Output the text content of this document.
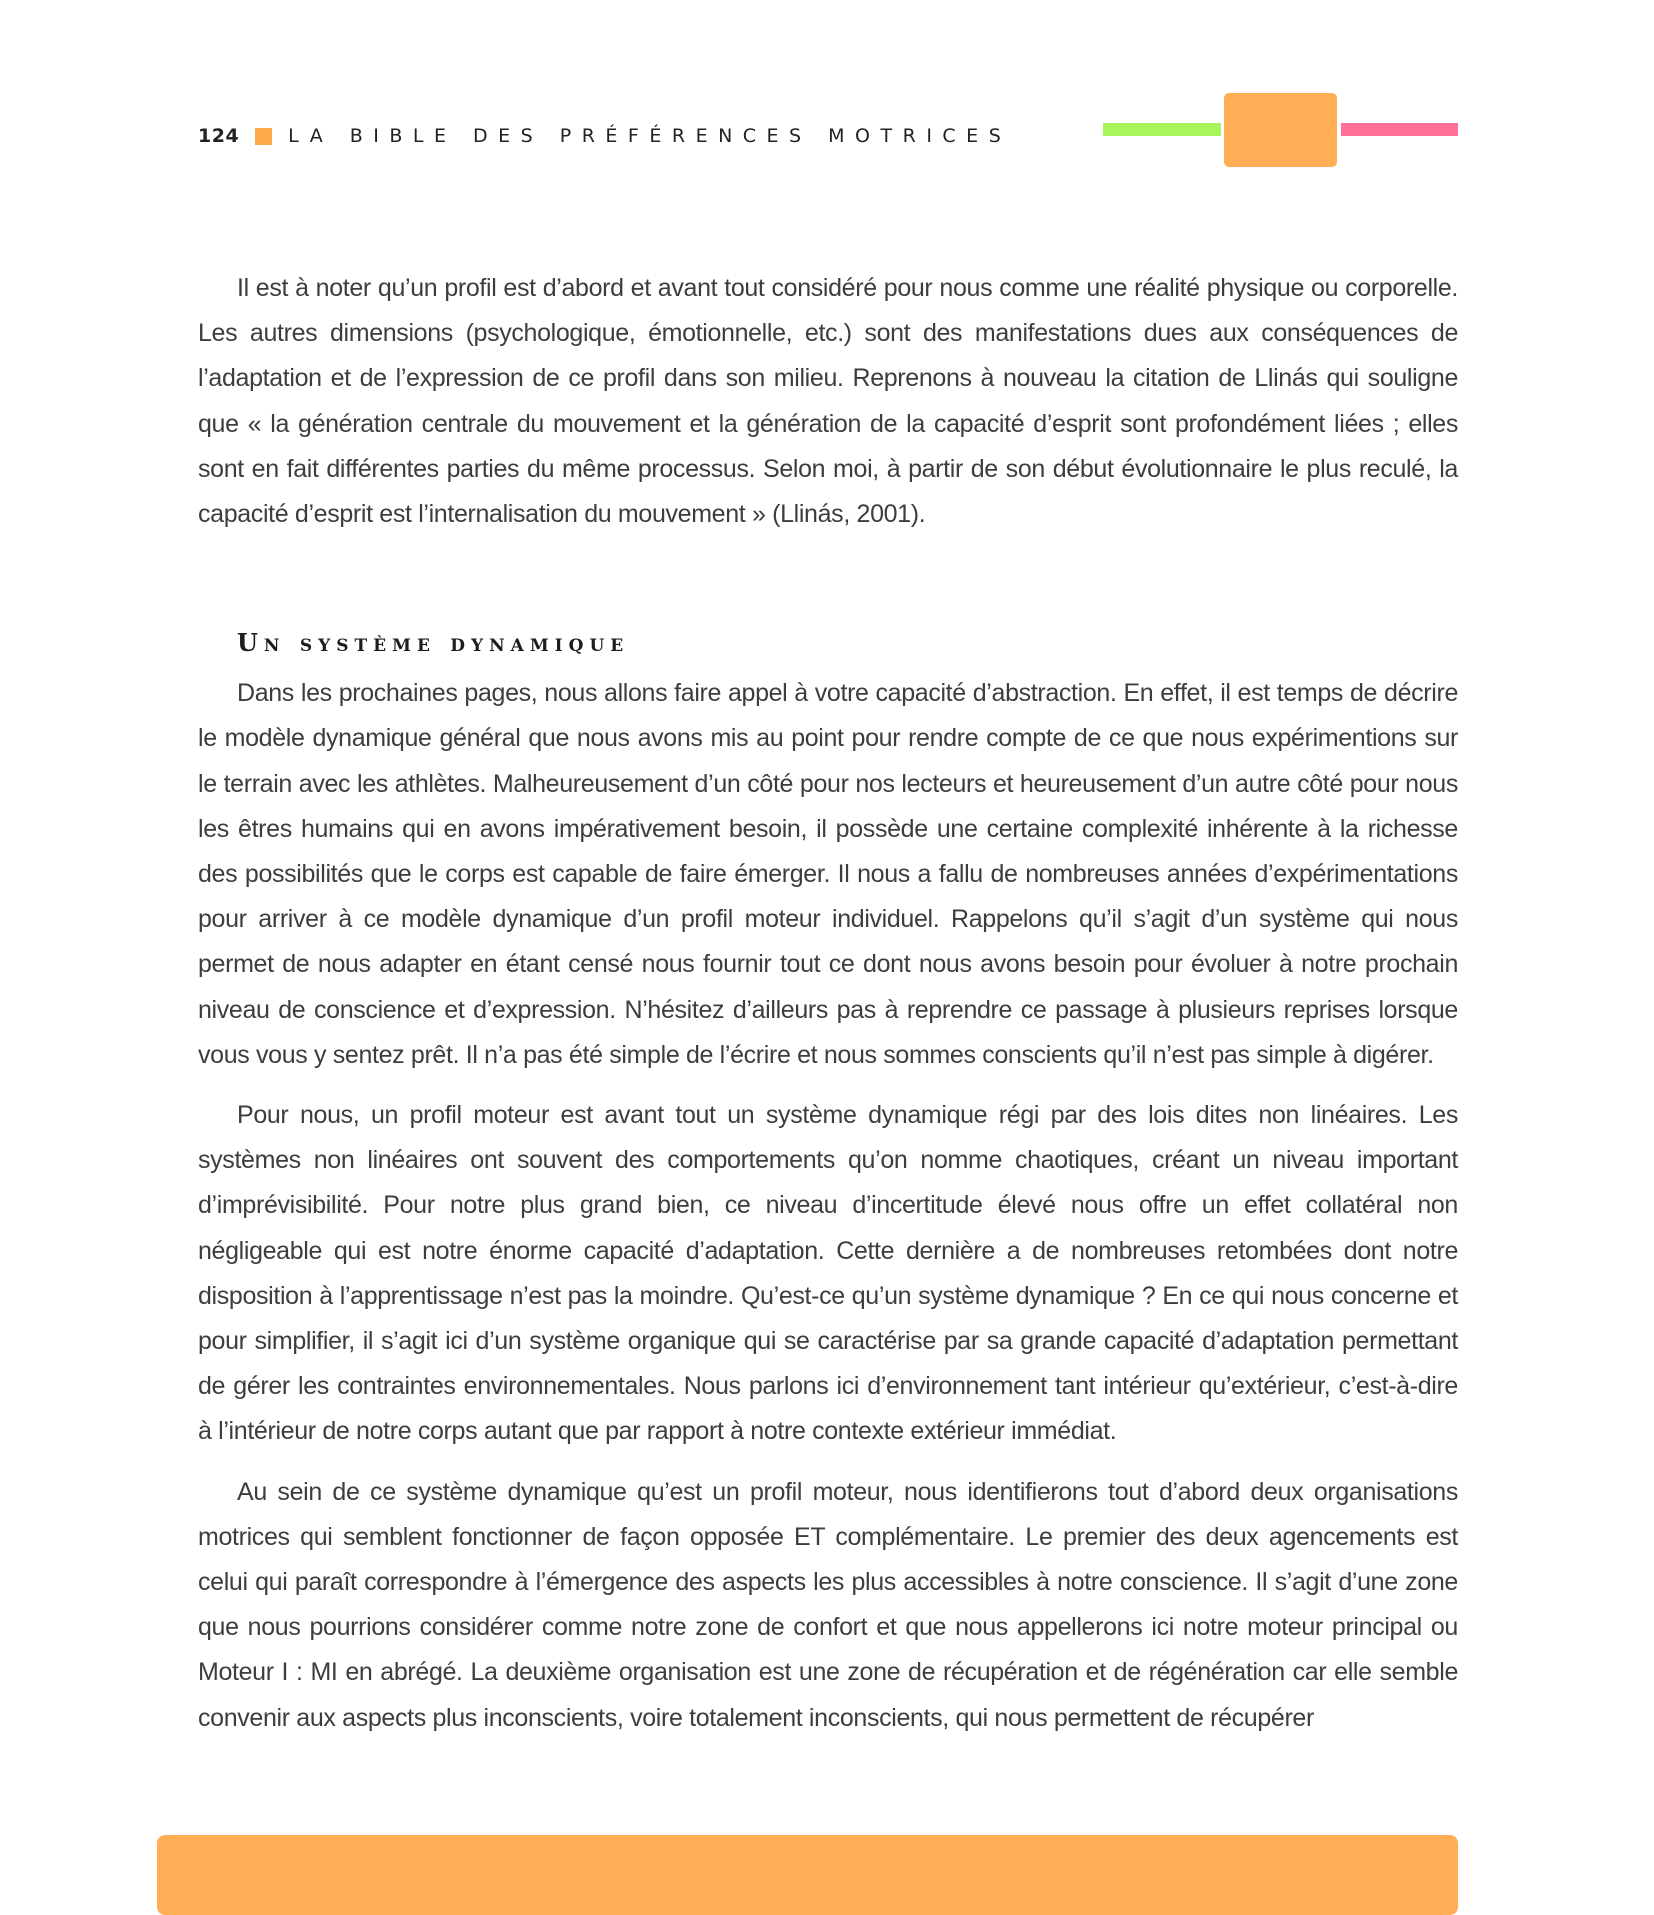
124	LA BIBLE DES PRÉFÉRENCES MOTRICES

Il est à noter qu’un profil est d’abord et avant tout considéré pour nous comme une réalité physique ou corporelle. Les autres dimensions (psychologique, émotionnelle, etc.) sont des manifestations dues aux conséquences de l’adaptation et de l’expression de ce profil dans son milieu. Reprenons à nouveau la citation de Llinás qui souligne que « la génération centrale du mouvement et la génération de la capacité d’esprit sont profondément liées ; elles sont en fait différentes parties du même processus. Selon moi, à partir de son début évolutionnaire le plus reculé, la capacité d’esprit est l’internalisation du mouvement » (Llinás, 2001).

Un système dynamique

Dans les prochaines pages, nous allons faire appel à votre capacité d’abstraction. En effet, il est temps de décrire le modèle dynamique général que nous avons mis au point pour rendre compte de ce que nous expérimentions sur le terrain avec les athlètes. Malheureusement d’un côté pour nos lecteurs et heureusement d’un autre côté pour nous les êtres humains qui en avons impérativement besoin, il possède une certaine complexité inhérente à la richesse des possibilités que le corps est capable de faire émerger. Il nous a fallu de nombreuses années d’expérimentations pour arriver à ce modèle dynamique d’un profil moteur individuel. Rappelons qu’il s’agit d’un système qui nous permet de nous adapter en étant censé nous fournir tout ce dont nous avons besoin pour évoluer à notre prochain niveau de conscience et d’expression. N’hésitez d’ailleurs pas à reprendre ce passage à plusieurs reprises lorsque vous vous y sentez prêt. Il n’a pas été simple de l’écrire et nous sommes conscients qu’il n’est pas simple à digérer.

Pour nous, un profil moteur est avant tout un système dynamique régi par des lois dites non linéaires. Les systèmes non linéaires ont souvent des comportements qu’on nomme chaotiques, créant un niveau important d’imprévisibilité. Pour notre plus grand bien, ce niveau d’incertitude élevé nous offre un effet collatéral non négligeable qui est notre énorme capacité d’adaptation. Cette dernière a de nombreuses retombées dont notre disposition à l’apprentissage n’est pas la moindre. Qu’est-ce qu’un système dynamique ? En ce qui nous concerne et pour simplifier, il s’agit ici d’un système organique qui se caractérise par sa grande capacité d’adaptation permettant de gérer les contraintes environnementales. Nous parlons ici d’environnement tant intérieur qu’extérieur, c’est-à-dire à l’intérieur de notre corps autant que par rapport à notre contexte extérieur immédiat.

Au sein de ce système dynamique qu’est un profil moteur, nous identifierons tout d’abord deux organisations motrices qui semblent fonctionner de façon opposée ET complémentaire. Le premier des deux agencements est celui qui paraît correspondre à l’émergence des aspects les plus accessibles à notre conscience. Il s’agit d’une zone que nous pourrions considérer comme notre zone de confort et que nous appellerons ici notre moteur principal ou Moteur I : MI en abrégé. La deuxième organisation est une zone de récupération et de régénération car elle semble convenir aux aspects plus inconscients, voire totalement inconscients, qui nous permettent de récupérer
